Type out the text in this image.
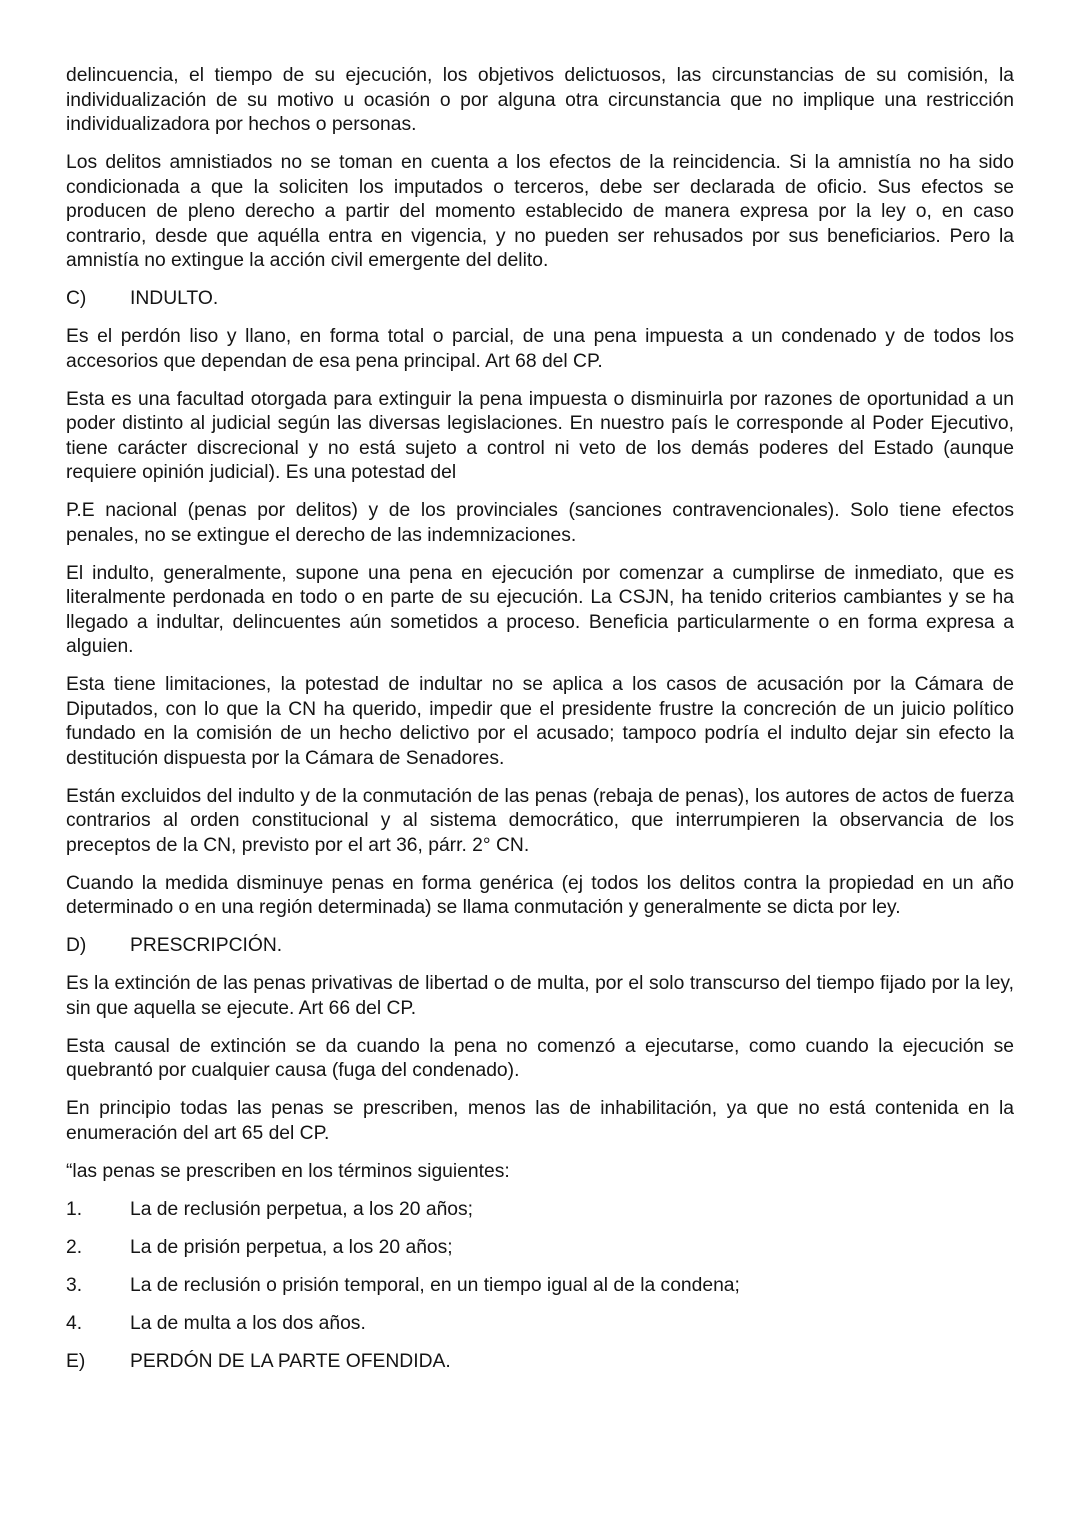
delincuencia, el tiempo de su ejecución, los objetivos delictuosos, las circunstancias de su comisión, la individualización de su motivo u ocasión o por alguna otra circunstancia que no implique una restricción individualizadora por hechos o personas.

Los delitos amnistiados no se toman en cuenta a los efectos de la reincidencia. Si la amnistía no ha sido condicionada a que la soliciten los imputados o terceros, debe ser declarada de oficio. Sus efectos se producen de pleno derecho a partir del momento establecido de manera expresa por la ley o, en caso contrario, desde que aquélla entra en vigencia, y no pueden ser rehusados por sus beneficiarios. Pero la amnistía no extingue la acción civil emergente del delito.

C)	INDULTO.

Es el perdón liso y llano, en forma total o parcial, de una pena impuesta a un condenado y de todos los accesorios que dependan de esa pena principal. Art 68 del CP.

Esta es una facultad otorgada para extinguir la pena impuesta o disminuirla por razones de oportunidad a un poder distinto al judicial según las diversas legislaciones. En nuestro país le corresponde al Poder Ejecutivo, tiene carácter discrecional y no está sujeto a control ni veto de los demás poderes del Estado (aunque requiere opinión judicial). Es una potestad del

P.E nacional (penas por delitos) y de los provinciales (sanciones contravencionales). Solo tiene efectos penales, no se extingue el derecho de las indemnizaciones.

El indulto, generalmente, supone una pena en ejecución por comenzar a cumplirse de inmediato, que es literalmente perdonada en todo o en parte de su ejecución. La CSJN, ha tenido criterios cambiantes y se ha llegado a indultar, delincuentes aún sometidos a proceso. Beneficia particularmente o en forma expresa a alguien.

Esta tiene limitaciones, la potestad de indultar no se aplica a los casos de acusación por la Cámara de Diputados, con lo que la CN ha querido, impedir que el presidente frustre la concreción de un juicio político fundado en la comisión de un hecho delictivo por el acusado; tampoco podría el indulto dejar sin efecto la destitución dispuesta por la Cámara de Senadores.

Están excluidos del indulto y de la conmutación de las penas (rebaja de penas), los autores de actos de fuerza contrarios al orden constitucional y al sistema democrático, que interrumpieren la observancia de los preceptos de la CN, previsto por el art 36, párr. 2° CN.

Cuando la medida disminuye penas en forma genérica (ej todos los delitos contra la propiedad en un año determinado o en una región determinada) se llama conmutación y generalmente se dicta por ley.

D)	PRESCRIPCIÓN.

Es la extinción de las penas privativas de libertad o de multa, por el solo transcurso del tiempo fijado por la ley, sin que aquella se ejecute. Art 66 del CP.

Esta causal de extinción se da cuando la pena no comenzó a ejecutarse, como cuando la ejecución se quebrantó por cualquier causa (fuga del condenado).

En principio todas las penas se prescriben, menos las de inhabilitación, ya que no está contenida en la enumeración del art 65 del CP.

“las penas se prescriben en los términos siguientes:

1.	La de reclusión perpetua, a los 20 años;
2.	La de prisión perpetua, a los 20 años;
3.	La de reclusión o prisión temporal, en un tiempo igual al de la condena;
4.	La de multa a los dos años.
E)	PERDÓN DE LA PARTE OFENDIDA.
